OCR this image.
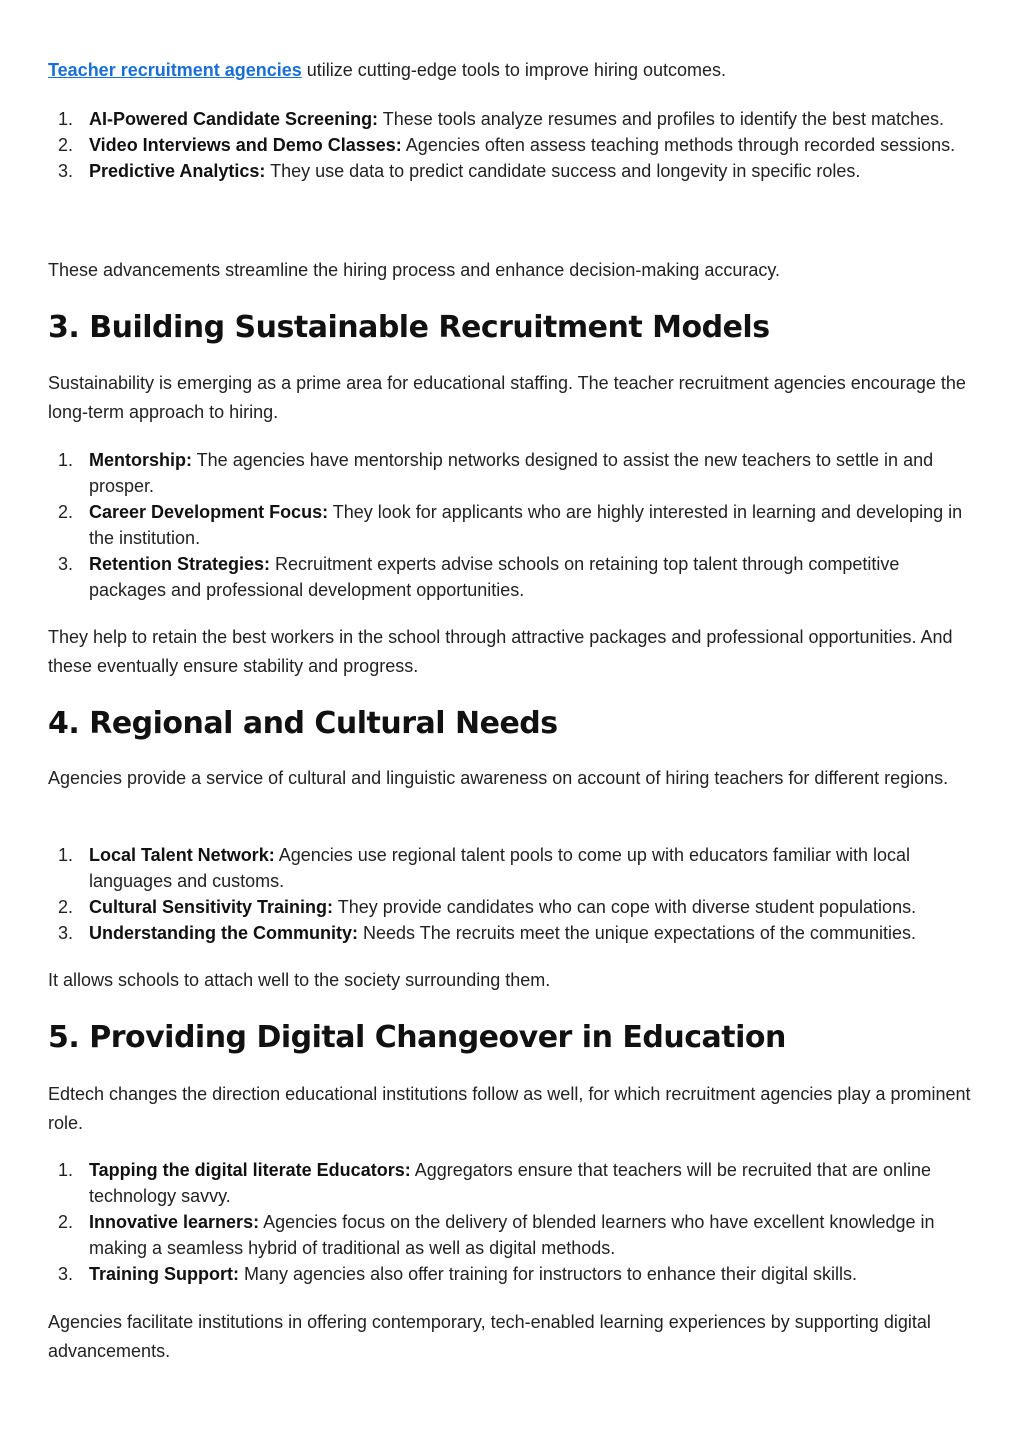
Teacher recruitment agencies utilize cutting-edge tools to improve hiring outcomes.

1. AI-Powered Candidate Screening: These tools analyze resumes and profiles to identify the best matches.
2. Video Interviews and Demo Classes: Agencies often assess teaching methods through recorded sessions.
3. Predictive Analytics: They use data to predict candidate success and longevity in specific roles.

These advancements streamline the hiring process and enhance decision-making accuracy.

3. Building Sustainable Recruitment Models

Sustainability is emerging as a prime area for educational staffing. The teacher recruitment agencies encourage the long-term approach to hiring.

1. Mentorship: The agencies have mentorship networks designed to assist the new teachers to settle in and prosper.
2. Career Development Focus: They look for applicants who are highly interested in learning and developing in the institution.
3. Retention Strategies: Recruitment experts advise schools on retaining top talent through competitive packages and professional development opportunities.

They help to retain the best workers in the school through attractive packages and professional opportunities. And these eventually ensure stability and progress.

4. Regional and Cultural Needs

Agencies provide a service of cultural and linguistic awareness on account of hiring teachers for different regions.

1. Local Talent Network: Agencies use regional talent pools to come up with educators familiar with local languages and customs.
2. Cultural Sensitivity Training: They provide candidates who can cope with diverse student populations.
3. Understanding the Community: Needs The recruits meet the unique expectations of the communities.

It allows schools to attach well to the society surrounding them.

5. Providing Digital Changeover in Education

Edtech changes the direction educational institutions follow as well, for which recruitment agencies play a prominent role.

1. Tapping the digital literate Educators: Aggregators ensure that teachers will be recruited that are online technology savvy.
2. Innovative learners: Agencies focus on the delivery of blended learners who have excellent knowledge in making a seamless hybrid of traditional as well as digital methods.
3. Training Support: Many agencies also offer training for instructors to enhance their digital skills.

Agencies facilitate institutions in offering contemporary, tech-enabled learning experiences by supporting digital advancements.
